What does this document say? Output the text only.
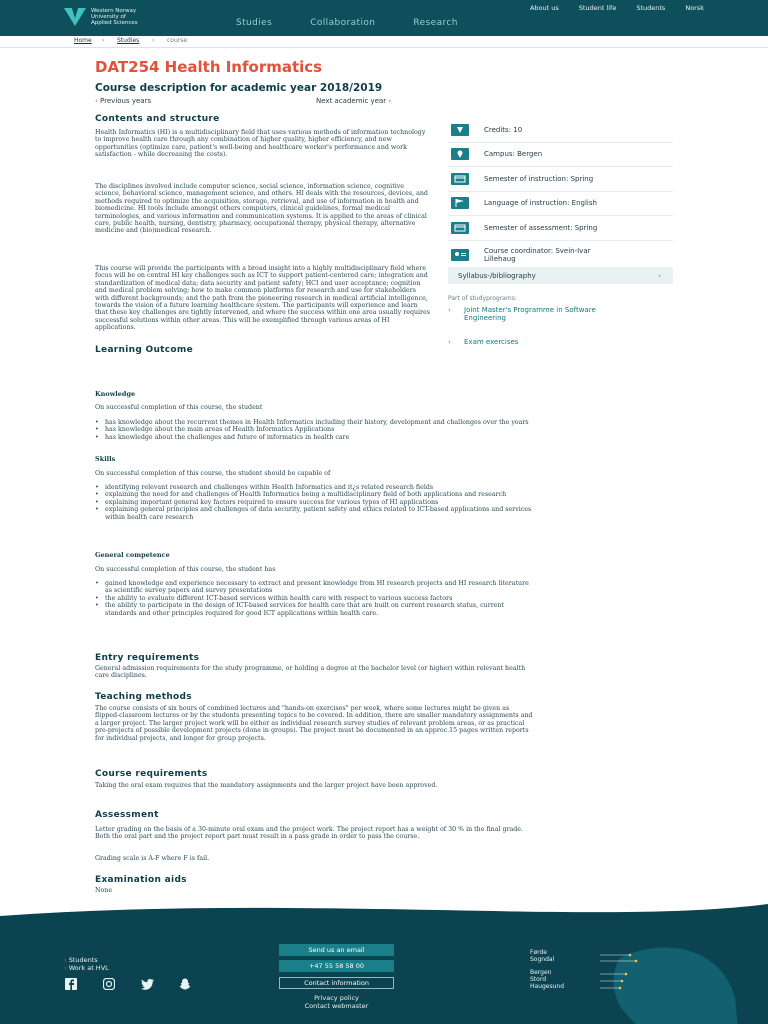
Western Norway
University of
Applied Sciences	Studies	Collaboration	Research
About us	Student life	Students	Norsk
Home › Studies › course
DAT254 Health Informatics
Course description for academic year 2018/2019
‹ Previous years	Next academic year ›
Contents and structure

Health Informatics (HI) is a multidisciplinary field that uses various methods of information technology to improve health care through any combination of higher quality, higher efficiency, and new opportunities (optimize care, patient's well-being and healthcare worker's performance and work satisfaction - while decreasing the costs).

The disciplines involved include computer science, social science, information science, cognitive science, behavioral science, management science, and others. HI deals with the resources, devices, and methods required to optimize the acquisition, storage, retrieval, and use of information in health and biomedicine. HI tools include amongst others computers, clinical guidelines, formal medical terminologies, and various information and communication systems. It is applied to the areas of clinical care, public health, nursing, dentistry, pharmacy, occupational therapy, physical therapy, alternative medicine and (bio)medical research.

This course will provide the participants with a broad insight into a highly multidisciplinary field where focus will be on central HI key challenges such as ICT to support patient-centered care; integration and standardization of medical data; data security and patient safety; HCI and user acceptance; cognition and medical problem solving; how to make common platforms for research and use for stakeholders with different backgrounds; and the path from the pioneering research in medical artificial intelligence, towards the vision of a future learning healthcare system. The participants will experience and learn that these key challenges are tightly intervened, and where the success within one area usually requires successful solutions within other areas. This will be exemplified through various areas of HI applications.

Learning Outcome
Knowledge

On successful completion of this course, the student

• has knowledge about the recurrent themes in Health Informatics including their history, development and challenges over the years
• has knowledge about the main areas of Health Informatics Applications
• has knowledge about the challenges and future of informatics in health care
Skills

On successful completion of this course, the student should be capable of

• identifying relevant research and challenges within Health Informatics and it¿s related research fields
• explaining the need for and challenges of Health Informatics being a multidisciplinary field of both applications and research
• explaining important general key factors required to ensure success for various types of HI applications
• explaining general principles and challenges of data security, patient safety and ethics related to ICT-based applications and services within health care research
General competence

On successful completion of this course, the student has

• gained knowledge and experience necessary to extract and present knowledge from HI research projects and HI research literature as scientific survey papers and survey presentations
• the ability to evaluate different ICT-based services within health care with respect to various success factors
• the ability to participate in the design of ICT-based services for health care that are built on current research status, current standards and other principles required for good ICT applications within health care.
Entry requirements

General admission requirements for the study programme, or holding a degree at the bachelor level (or higher) within relevant health care disciplines.

Teaching methods

The course consists of six hours of combined lectures and "hands-on exercises" per week, where some lectures might be given as flipped-classroom lectures or by the students presenting topics to be covered. In addition, there are smaller mandatory assignments and a larger project. The larger project work will be either as individual research survey studies of relevant problem areas, or as practical pre-projects of possible development projects (done in groups). The project must be documented in an approc.15 pages written reports for individual projects, and longer for group projects.

Course requirements

Taking the oral exam requires that the mandatory assignments and the larger project have been approved.

Assessment

Letter grading on the basis of a 30-minute oral exam and the project work. The project report has a weight of 30 % in the final grade. Both the oral part and the project report part must result in a pass grade in order to pass the course.

Grading scale is A-F where F is fail.

Examination aids

None

Credits: 10
Campus: Bergen
Semester of instruction: Spring
Language of instruction: English
Semester of assessment: Spring
Course coordinator: Svein-Ivar
Lillehaug
Syllabus-/bibliography	›
Part of studyprograms:
›	Joint Master's Programme in Software
Engineering
›	Exam exercises
› Students
› Work at HVL
Send us an email
+47 55 58 58 00
Contact information
Privacy policy
Contact webmaster
Førde
Sogndal
Bergen
Stord
Haugesund
